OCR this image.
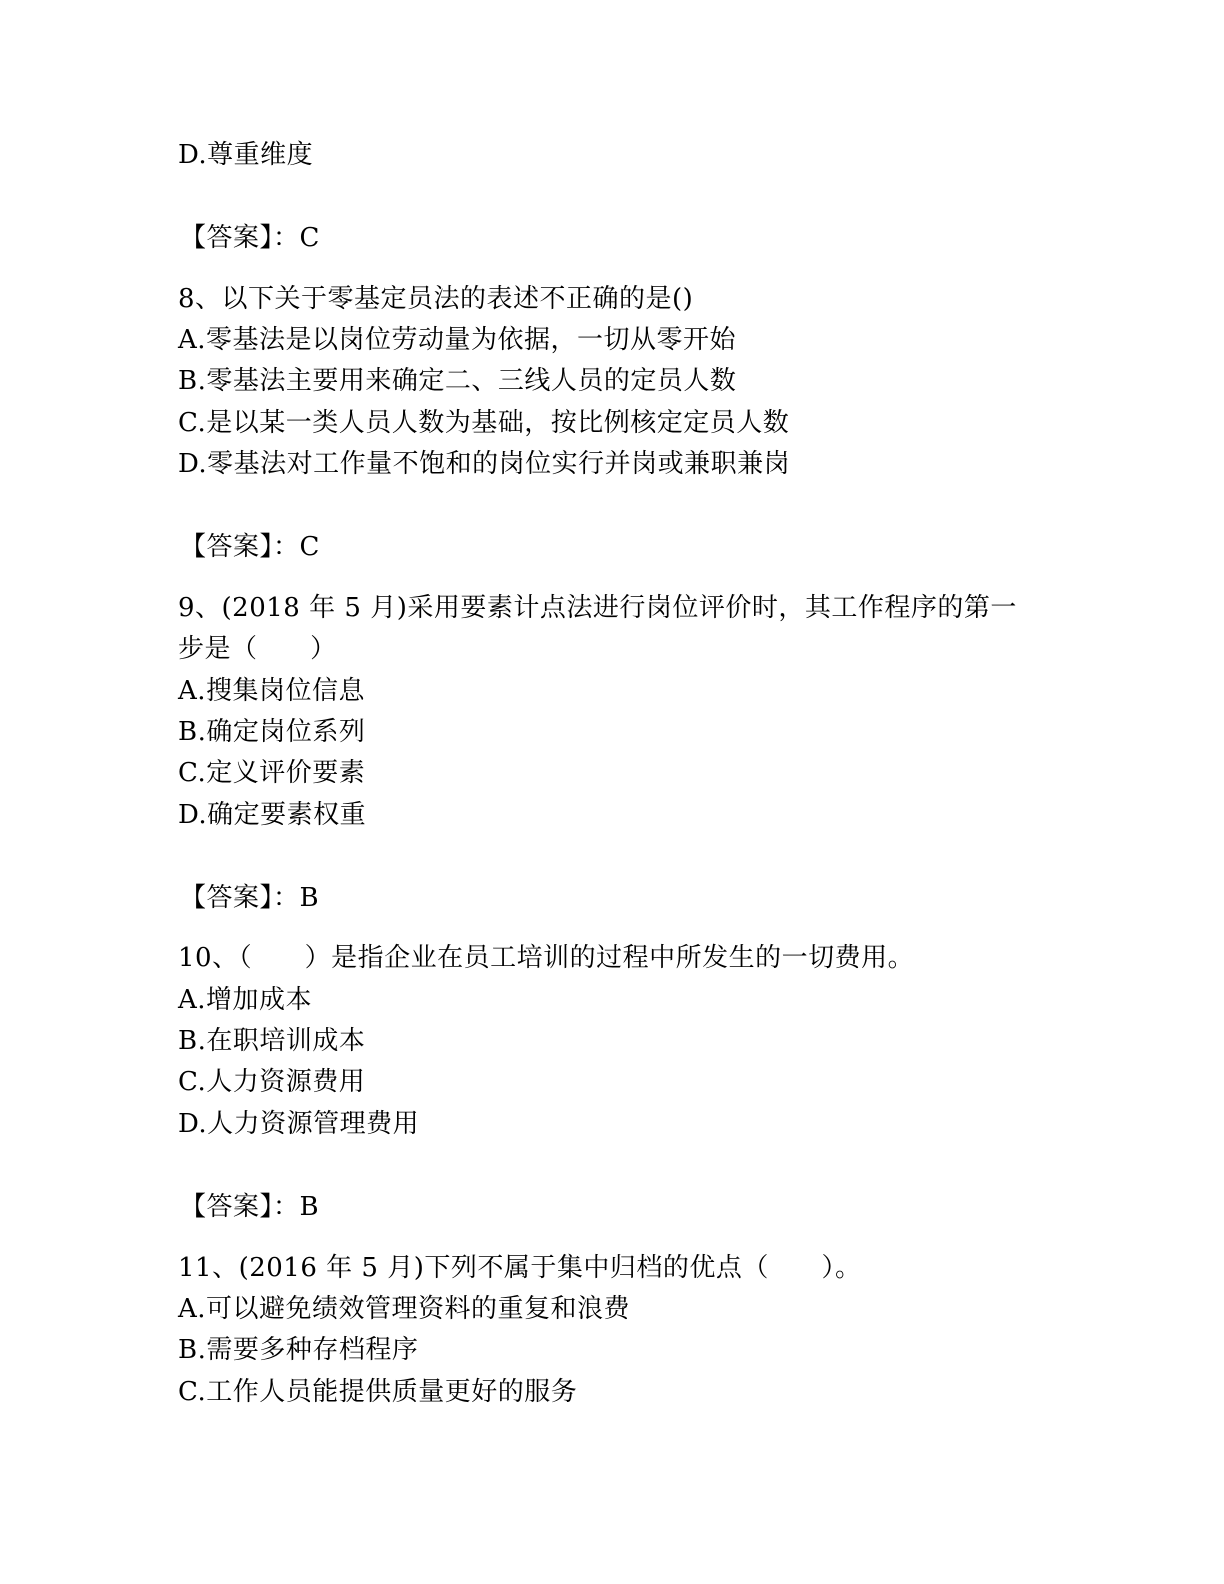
D.尊重维度
【答案】：C
8、以下关于零基定员法的表述不正确的是()
A.零基法是以岗位劳动量为依据，一切从零开始
B.零基法主要用来确定二、三线人员的定员人数
C.是以某一类人员人数为基础，按比例核定定员人数
D.零基法对工作量不饱和的岗位实行并岗或兼职兼岗
【答案】：C
9、(2018 年 5 月)采用要素计点法进行岗位评价时，其工作程序的第一
步是（      ）
A.搜集岗位信息
B.确定岗位系列
C.定义评价要素
D.确定要素权重
【答案】：B
10、（      ）是指企业在员工培训的过程中所发生的一切费用。
A.增加成本
B.在职培训成本
C.人力资源费用
D.人力资源管理费用
【答案】：B
11、(2016 年 5 月)下列不属于集中归档的优点（      ）。
A.可以避免绩效管理资料的重复和浪费
B.需要多种存档程序
C.工作人员能提供质量更好的服务
